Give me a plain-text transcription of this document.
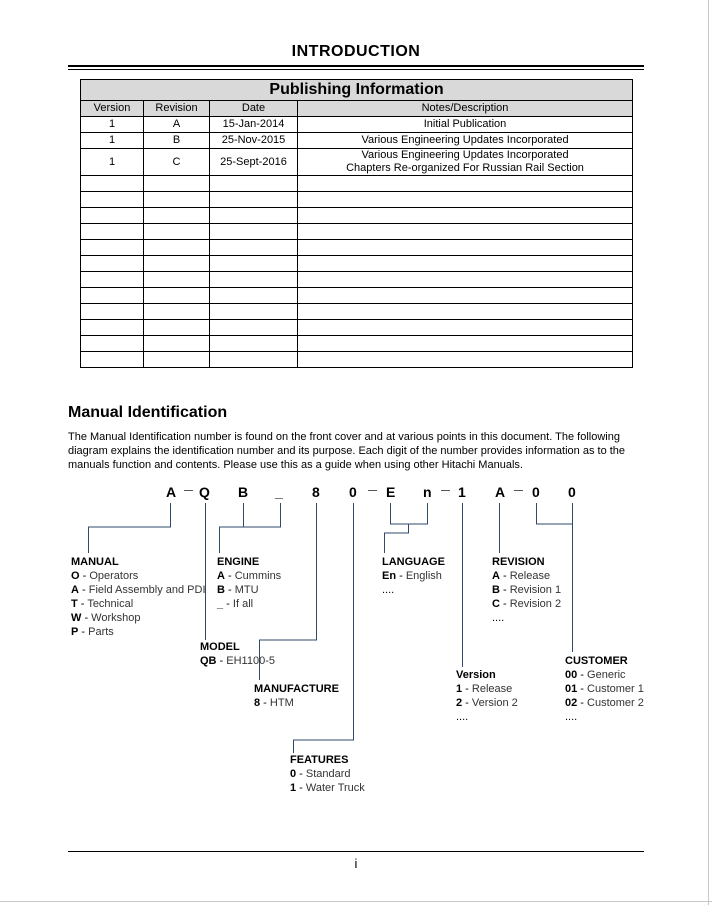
INTRODUCTION
Publishing Information			
Version	Revision	Date	Notes/Description
1	A	15-Jan-2014	Initial Publication
1	B	25-Nov-2015	Various Engineering Updates Incorporated
1	C	25-Sept-2016	Various Engineering Updates Incorporated
Chapters Re-organized For Russian Rail Section

Manual Identification
The Manual Identification number is found on the front cover and at various points in this document. The following diagram explains the identification number and its purpose. Each digit of the number provides information as to the manuals function and contents. Please use this as a guide when using other Hitachi Manuals.
A Q B _ 8 0 E n 1 A 0 0
MANUAL
O - Operators
A - Field Assembly and PDI
T - Technical
W - Workshop
P - Parts
ENGINE
A - Cummins
B - MTU
_ - If all
MODEL
QB - EH1100-5
MANUFACTURE
8 - HTM
FEATURES
0 - Standard
1 - Water Truck
LANGUAGE
En - English
....
Version
1 - Release
2 - Version 2
....
REVISION
A - Release
B - Revision 1
C - Revision 2
....
CUSTOMER
00 - Generic
01 - Customer 1
02 - Customer 2
....
i
